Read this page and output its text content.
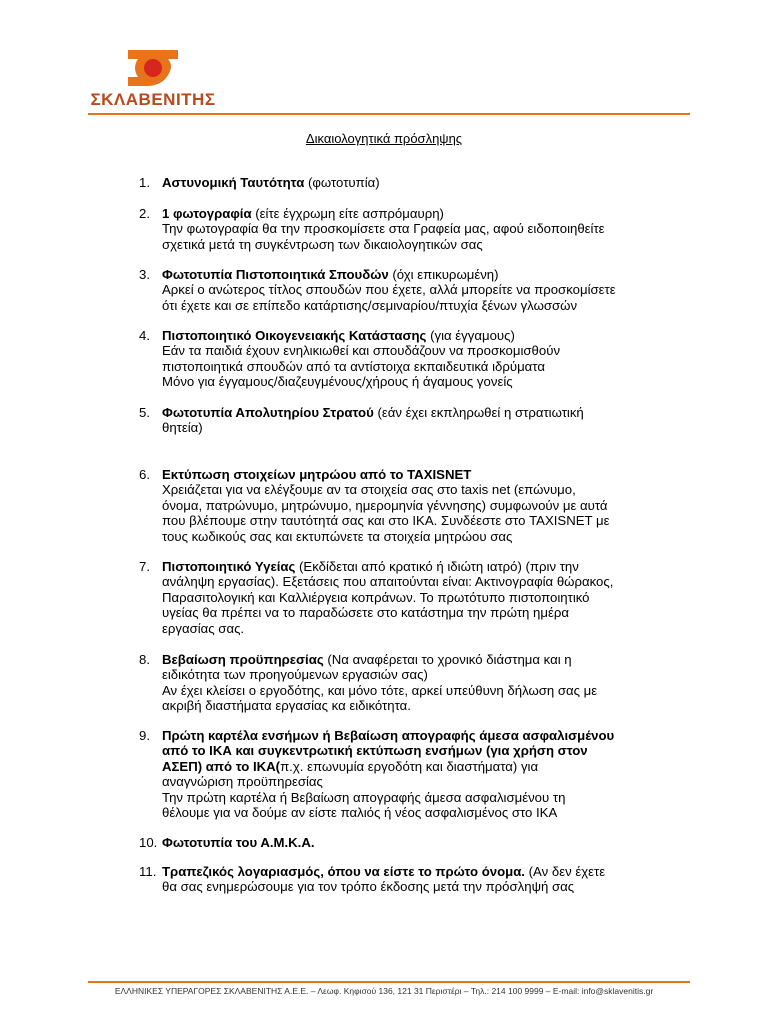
ΣΚΛΑΒΕΝΙΤΗΣ
Δικαιολογητικά πρόσληψης
1. Αστυνομική Ταυτότητα (φωτοτυπία)
2. 1 φωτογραφία (είτε έγχρωμη είτε ασπρόμαυρη)
Την φωτογραφία θα την προσκομίσετε στα Γραφεία μας, αφού ειδοποιηθείτε
σχετικά μετά τη συγκέντρωση των δικαιολογητικών σας
3. Φωτοτυπία Πιστοποιητικά Σπουδών (όχι επικυρωμένη)
Αρκεί ο ανώτερος τίτλος σπουδών που έχετε, αλλά μπορείτε να προσκομίσετε
ότι έχετε και σε επίπεδο κατάρτισης/σεμιναρίου/πτυχία ξένων γλωσσών
4. Πιστοποιητικό Οικογενειακής Κατάστασης (για έγγαμους)
Εάν τα παιδιά έχουν ενηλικιωθεί και σπουδάζουν να προσκομισθούν
πιστοποιητικά σπουδών από τα αντίστοιχα εκπαιδευτικά ιδρύματα
Μόνο για έγγαμους/διαζευγμένους/χήρους ή άγαμους γονείς
5. Φωτοτυπία Απολυτηρίου Στρατού (εάν έχει εκπληρωθεί η στρατιωτική
θητεία)
6. Εκτύπωση στοιχείων μητρώου από το TAXISNET
Χρειάζεται για να ελέγξουμε αν τα στοιχεία σας στο taxis net (επώνυμο,
όνομα, πατρώνυμο, μητρώνυμο, ημερομηνία γέννησης) συμφωνούν με αυτά
που βλέπουμε στην ταυτότητά σας και στο ΙΚΑ. Συνδέεστε στο TAXISNET με
τους κωδικούς σας και εκτυπώνετε τα στοιχεία μητρώου σας
7. Πιστοποιητικό Υγείας (Εκδίδεται από κρατικό ή ιδιώτη ιατρό) (πριν την
ανάληψη εργασίας). Εξετάσεις που απαιτούνται είναι: Ακτινογραφία θώρακος,
Παρασιτολογική και Καλλιέργεια κοπράνων. Το πρωτότυπο πιστοποιητικό
υγείας θα πρέπει να το παραδώσετε στο κατάστημα την πρώτη ημέρα
εργασίας σας.
8. Βεβαίωση προϋπηρεσίας (Να αναφέρεται το χρονικό διάστημα και η
ειδικότητα των προηγούμενων εργασιών σας)
Αν έχει κλείσει ο εργοδότης, και μόνο τότε, αρκεί υπεύθυνη δήλωση σας με
ακριβή διαστήματα εργασίας κα ειδικότητα.
9. Πρώτη καρτέλα ενσήμων ή Βεβαίωση απογραφής άμεσα ασφαλισμένου
από το ΙΚΑ και συγκεντρωτική εκτύπωση ενσήμων (για χρήση στον
ΑΣΕΠ) από το ΙΚΑ(π.χ. επωνυμία εργοδότη και διαστήματα) για
αναγνώριση προϋπηρεσίας
Την πρώτη καρτέλα ή Βεβαίωση απογραφής άμεσα ασφαλισμένου τη
θέλουμε για να δούμε αν είστε παλιός ή νέος ασφαλισμένος στο ΙΚΑ
10. Φωτοτυπία του Α.Μ.Κ.Α.
11. Τραπεζικός λογαριασμός, όπου να είστε το πρώτο όνομα. (Αν δεν έχετε
θα σας ενημερώσουμε για τον τρόπο έκδοσης μετά την πρόσληψή σας
ΕΛΛΗΝΙΚΕΣ ΥΠΕΡΑΓΟΡΕΣ ΣΚΛΑΒΕΝΙΤΗΣ Α.Ε.Ε. – Λεωφ. Κηφισού 136, 121 31 Περιστέρι – Τηλ.: 214 100 9999 – E-mail: info@sklavenitis.gr
